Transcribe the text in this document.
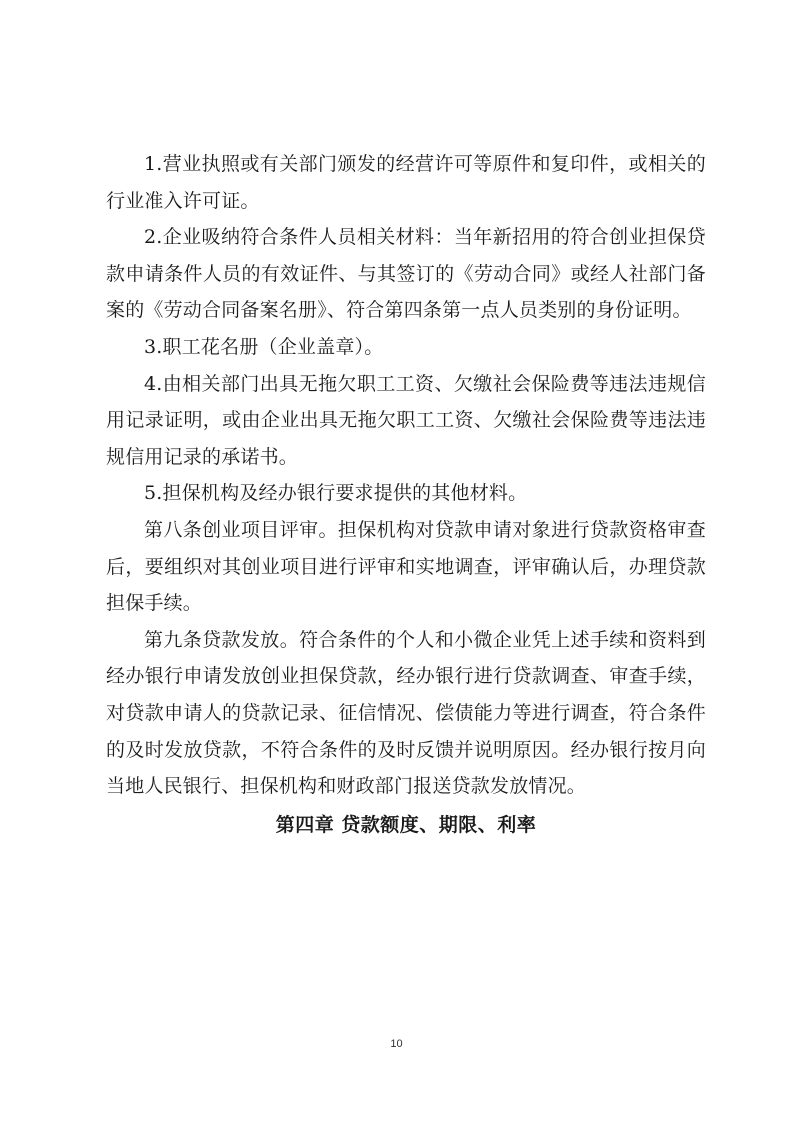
1.营业执照或有关部门颁发的经营许可等原件和复印件，或相关的行业准入许可证。

2.企业吸纳符合条件人员相关材料：当年新招用的符合创业担保贷款申请条件人员的有效证件、与其签订的《劳动合同》或经人社部门备案的《劳动合同备案名册》、符合第四条第一点人员类别的身份证明。

3.职工花名册（企业盖章）。

4.由相关部门出具无拖欠职工工资、欠缴社会保险费等违法违规信用记录证明，或由企业出具无拖欠职工工资、欠缴社会保险费等违法违规信用记录的承诺书。

5.担保机构及经办银行要求提供的其他材料。

第八条创业项目评审。担保机构对贷款申请对象进行贷款资格审查后，要组织对其创业项目进行评审和实地调查，评审确认后，办理贷款担保手续。

第九条贷款发放。符合条件的个人和小微企业凭上述手续和资料到经办银行申请发放创业担保贷款，经办银行进行贷款调查、审查手续，对贷款申请人的贷款记录、征信情况、偿债能力等进行调查，符合条件的及时发放贷款，不符合条件的及时反馈并说明原因。经办银行按月向当地人民银行、担保机构和财政部门报送贷款发放情况。

第四章 贷款额度、期限、利率
10
